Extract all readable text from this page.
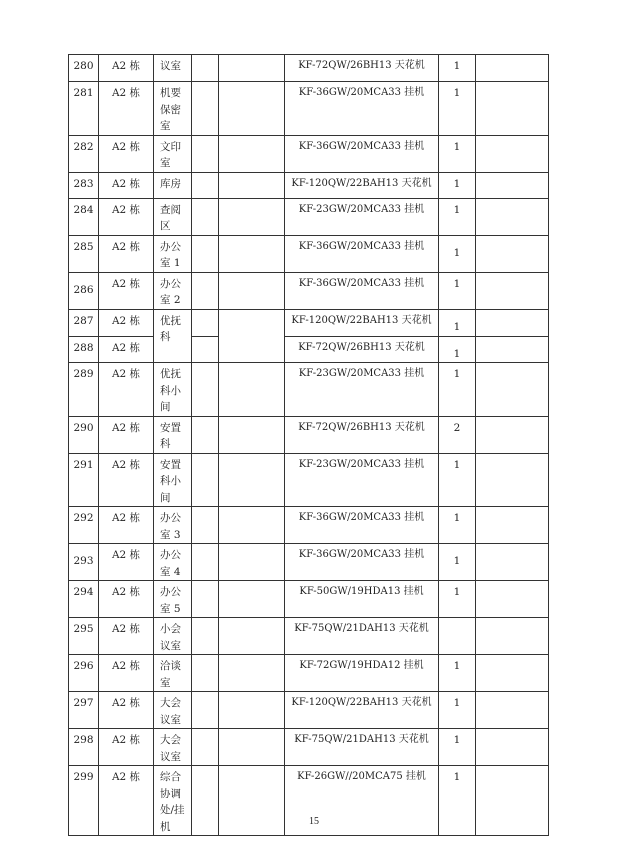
280	A2 栋	议室			KF-72QW/26BH13 天花机	1	
281	A2 栋	机要保密室			KF-36GW/20MCA33 挂机	1	
282	A2 栋	文印室			KF-36GW/20MCA33 挂机	1	
283	A2 栋	库房			KF-120QW/22BAH13 天花机	1	
284	A2 栋	查阅区			KF-23GW/20MCA33 挂机	1	
285	A2 栋	办公室 1			KF-36GW/20MCA33 挂机	1	
286	A2 栋	办公室 2			KF-36GW/20MCA33 挂机	1	
287	A2 栋	优抚科			KF-120QW/22BAH13 天花机	1	
288	A2 栋				KF-72QW/26BH13 天花机	1	
289	A2 栋	优抚科小间			KF-23GW/20MCA33 挂机	1	
290	A2 栋	安置科			KF-72QW/26BH13 天花机	2	
291	A2 栋	安置科小间			KF-23GW/20MCA33 挂机	1	
292	A2 栋	办公室 3			KF-36GW/20MCA33 挂机	1	
293	A2 栋	办公室 4			KF-36GW/20MCA33 挂机	1	
294	A2 栋	办公室 5			KF-50GW/19HDA13 挂机	1	
295	A2 栋	小会议室			KF-75QW/21DAH13 天花机		
296	A2 栋	洽谈室			KF-72GW/19HDA12 挂机	1	
297	A2 栋	大会议室			KF-120QW/22BAH13 天花机	1	
298	A2 栋	大会议室			KF-75QW/21DAH13 天花机	1	
299	A2 栋	综合协调处/挂机			KF-26GW//20MCA75 挂机	1	
15
